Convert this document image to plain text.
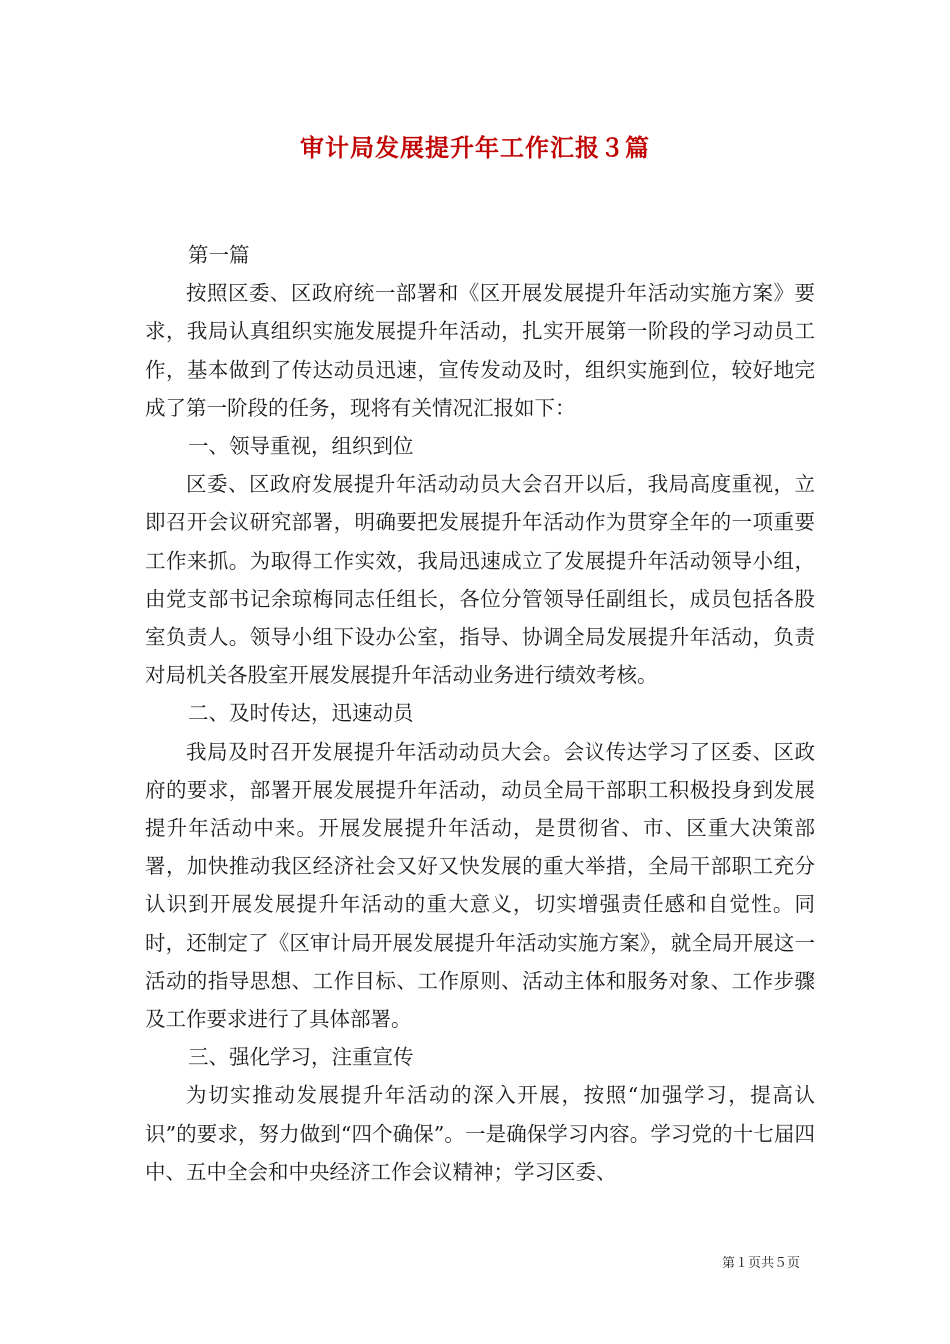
审计局发展提升年工作汇报３篇

第一篇

按照区委、区政府统一部署和《区开展发展提升年活动实施方案》要求，我局认真组织实施发展提升年活动，扎实开展第一阶段的学习动员工作，基本做到了传达动员迅速，宣传发动及时，组织实施到位，较好地完成了第一阶段的任务，现将有关情况汇报如下：

一、领导重视，组织到位

区委、区政府发展提升年活动动员大会召开以后，我局高度重视，立即召开会议研究部署，明确要把发展提升年活动作为贯穿全年的一项重要工作来抓。为取得工作实效，我局迅速成立了发展提升年活动领导小组，由党支部书记余琼梅同志任组长，各位分管领导任副组长，成员包括各股室负责人。领导小组下设办公室，指导、协调全局发展提升年活动，负责对局机关各股室开展发展提升年活动业务进行绩效考核。

二、及时传达，迅速动员

我局及时召开发展提升年活动动员大会。会议传达学习了区委、区政府的要求，部署开展发展提升年活动，动员全局干部职工积极投身到发展提升年活动中来。开展发展提升年活动，是贯彻省、市、区重大决策部署，加快推动我区经济社会又好又快发展的重大举措，全局干部职工充分认识到开展发展提升年活动的重大意义，切实增强责任感和自觉性。同时，还制定了《区审计局开展发展提升年活动实施方案》，就全局开展这一活动的指导思想、工作目标、工作原则、活动主体和服务对象、工作步骤及工作要求进行了具体部署。

三、强化学习，注重宣传

为切实推动发展提升年活动的深入开展，按照“加强学习，提高认识”的要求，努力做到“四个确保”。一是确保学习内容。学习党的十七届四中、五中全会和中央经济工作会议精神；学习区委、

第１页共５页
